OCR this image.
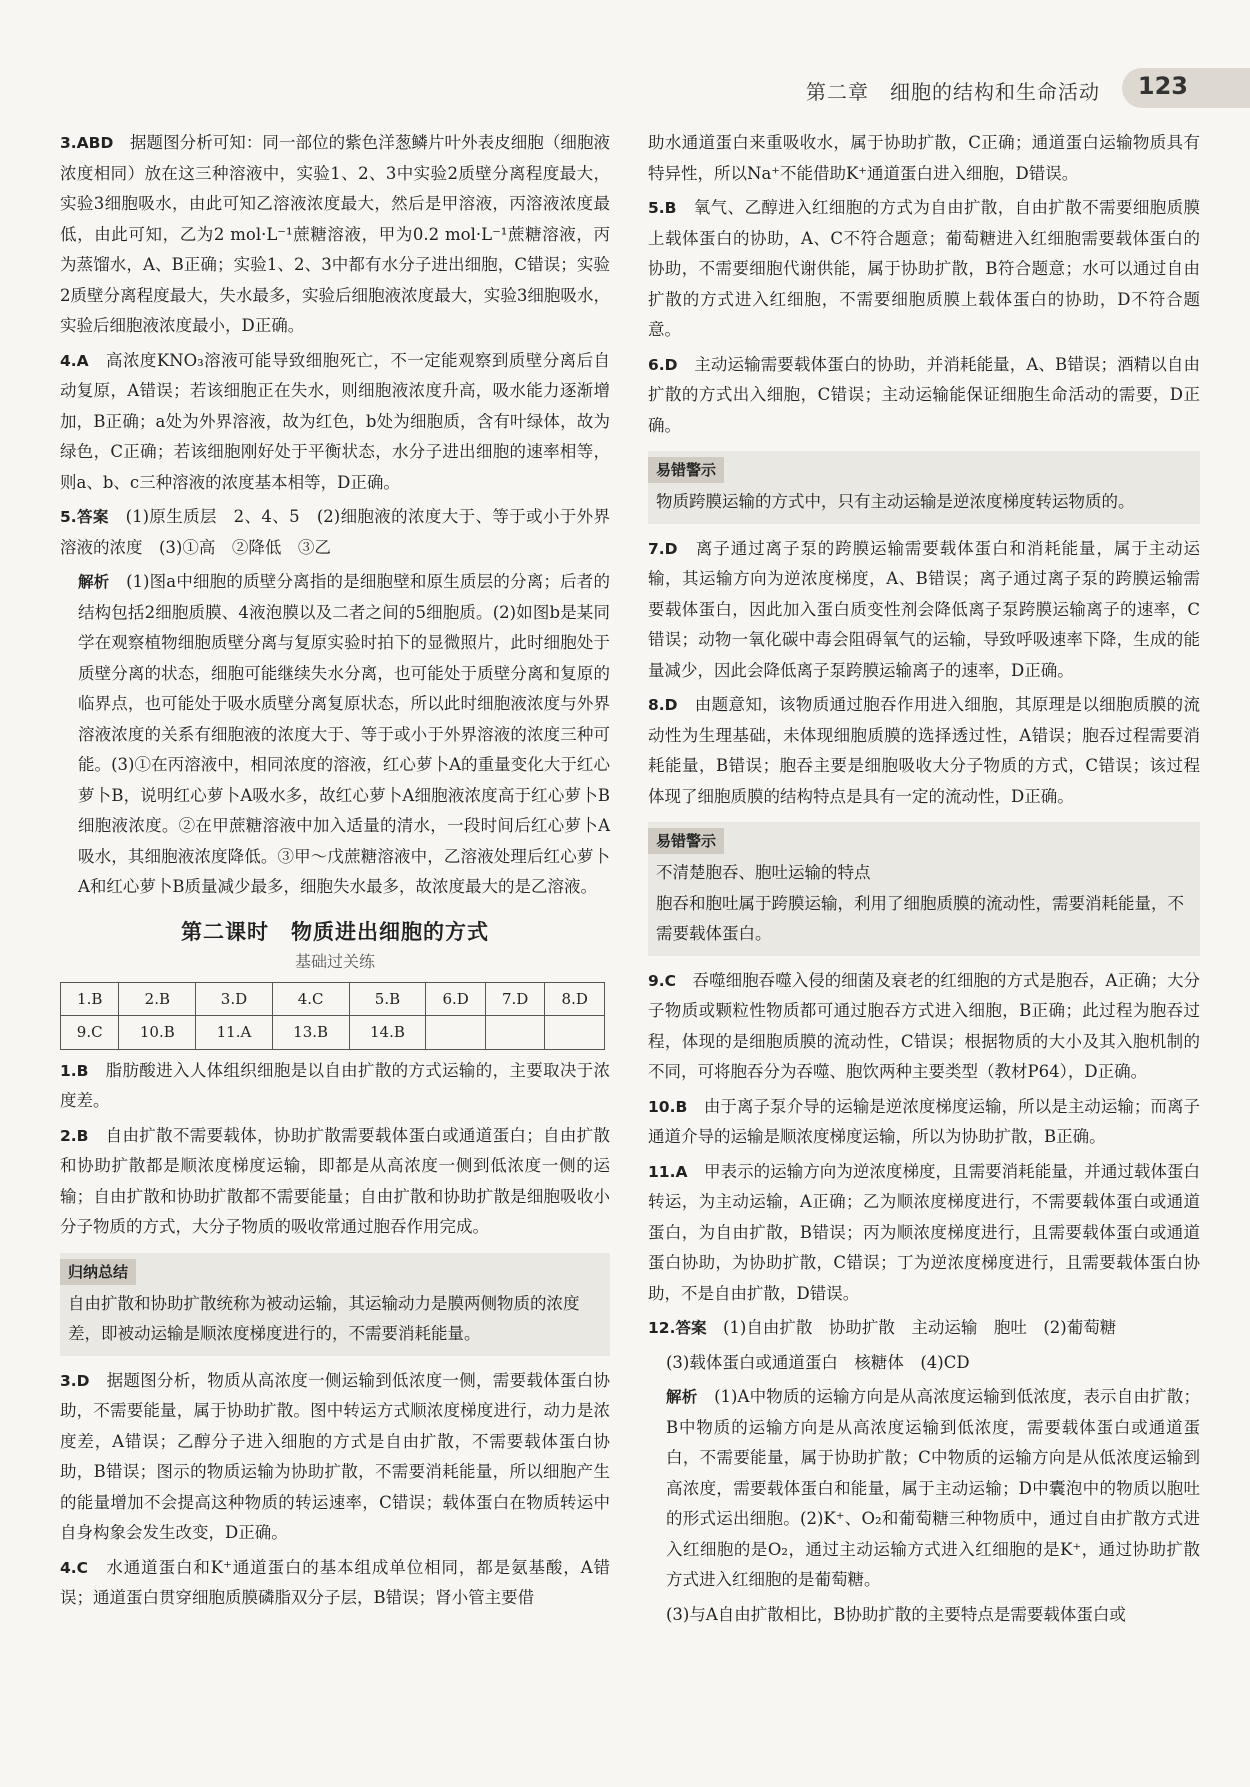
第二章　细胞的结构和生命活动 123

3.ABD　 据题图分析可知：同一部位的紫色洋葱鳞片叶外表皮细胞（细胞液浓度相同）放在这三种溶液中，实验1、2、3中实验2质壁分离程度最大，实验3细胞吸水，由此可知乙溶液浓度最大，然后是甲溶液，丙溶液浓度最低，由此可知，乙为2 mol·L⁻¹蔗糖溶液，甲为0.2 mol·L⁻¹蔗糖溶液，丙为蒸馏水，A、B正确；实验1、2、3中都有水分子进出细胞，C错误；实验2质壁分离程度最大，失水最多，实验后细胞液浓度最大，实验3细胞吸水，实验后细胞液浓度最小，D正确。

4.A　 高浓度KNO₃溶液可能导致细胞死亡，不一定能观察到质壁分离后自动复原，A错误；若该细胞正在失水，则细胞液浓度升高，吸水能力逐渐增加，B正确；a处为外界溶液，故为红色，b处为细胞质，含有叶绿体，故为绿色，C正确；若该细胞刚好处于平衡状态，水分子进出细胞的速率相等，则a、b、c三种溶液的浓度基本相等，D正确。

5.答案　 (1)原生质层　2、4、5　(2)细胞液的浓度大于、等于或小于外界溶液的浓度　(3)①高　②降低　③乙

解析　 (1)图a中细胞的质壁分离指的是细胞壁和原生质层的分离；后者的结构包括2细胞质膜、4液泡膜以及二者之间的5细胞质。(2)如图b是某同学在观察植物细胞质壁分离与复原实验时拍下的显微照片，此时细胞处于质壁分离的状态，细胞可能继续失水分离，也可能处于质壁分离和复原的临界点，也可能处于吸水质壁分离复原状态，所以此时细胞液浓度与外界溶液浓度的关系有细胞液的浓度大于、等于或小于外界溶液的浓度三种可能。(3)①在丙溶液中，相同浓度的溶液，红心萝卜A的重量变化大于红心萝卜B，说明红心萝卜A吸水多，故红心萝卜A细胞液浓度高于红心萝卜B细胞液浓度。②在甲蔗糖溶液中加入适量的清水，一段时间后红心萝卜A吸水，其细胞液浓度降低。③甲～戊蔗糖溶液中，乙溶液处理后红心萝卜A和红心萝卜B质量减少最多，细胞失水最多，故浓度最大的是乙溶液。

第二课时　物质进出细胞的方式
基础过关练
1.B	2.B	3.D	4.C	5.B	6.D	7.D	8.D
9.C	10.B	11.A	13.B	14.B			

1.B　 脂肪酸进入人体组织细胞是以自由扩散的方式运输的，主要取决于浓度差。

2.B　 自由扩散不需要载体，协助扩散需要载体蛋白或通道蛋白；自由扩散和协助扩散都是顺浓度梯度运输，即都是从高浓度一侧到低浓度一侧的运输；自由扩散和协助扩散都不需要能量；自由扩散和协助扩散是细胞吸收小分子物质的方式，大分子物质的吸收常通过胞吞作用完成。

归纳总结
自由扩散和协助扩散统称为被动运输，其运输动力是膜两侧物质的浓度差，即被动运输是顺浓度梯度进行的，不需要消耗能量。

3.D　 据题图分析，物质从高浓度一侧运输到低浓度一侧，需要载体蛋白协助，不需要能量，属于协助扩散。图中转运方式顺浓度梯度进行，动力是浓度差，A错误；乙醇分子进入细胞的方式是自由扩散，不需要载体蛋白协助，B错误；图示的物质运输为协助扩散，不需要消耗能量，所以细胞产生的能量增加不会提高这种物质的转运速率，C错误；载体蛋白在物质转运中自身构象会发生改变，D正确。

4.C　 水通道蛋白和K⁺通道蛋白的基本组成单位相同，都是氨基酸，A错误；通道蛋白贯穿细胞质膜磷脂双分子层，B错误；肾小管主要借

助水通道蛋白来重吸收水，属于协助扩散，C正确；通道蛋白运输物质具有特异性，所以Na⁺不能借助K⁺通道蛋白进入细胞，D错误。

5.B　 氧气、乙醇进入红细胞的方式为自由扩散，自由扩散不需要细胞质膜上载体蛋白的协助，A、C不符合题意；葡萄糖进入红细胞需要载体蛋白的协助，不需要细胞代谢供能，属于协助扩散，B符合题意；水可以通过自由扩散的方式进入红细胞，不需要细胞质膜上载体蛋白的协助，D不符合题意。

6.D　 主动运输需要载体蛋白的协助，并消耗能量，A、B错误；酒精以自由扩散的方式出入细胞，C错误；主动运输能保证细胞生命活动的需要，D正确。

易错警示
物质跨膜运输的方式中，只有主动运输是逆浓度梯度转运物质的。

7.D　 离子通过离子泵的跨膜运输需要载体蛋白和消耗能量，属于主动运输，其运输方向为逆浓度梯度，A、B错误；离子通过离子泵的跨膜运输需要载体蛋白，因此加入蛋白质变性剂会降低离子泵跨膜运输离子的速率，C错误；动物一氧化碳中毒会阻碍氧气的运输，导致呼吸速率下降，生成的能量减少，因此会降低离子泵跨膜运输离子的速率，D正确。

8.D　 由题意知，该物质通过胞吞作用进入细胞，其原理是以细胞质膜的流动性为生理基础，未体现细胞质膜的选择透过性，A错误；胞吞过程需要消耗能量，B错误；胞吞主要是细胞吸收大分子物质的方式，C错误；该过程体现了细胞质膜的结构特点是具有一定的流动性，D正确。

易错警示
不清楚胞吞、胞吐运输的特点
胞吞和胞吐属于跨膜运输，利用了细胞质膜的流动性，需要消耗能量，不需要载体蛋白。

9.C　 吞噬细胞吞噬入侵的细菌及衰老的红细胞的方式是胞吞，A正确；大分子物质或颗粒性物质都可通过胞吞方式进入细胞，B正确；此过程为胞吞过程，体现的是细胞质膜的流动性，C错误；根据物质的大小及其入胞机制的不同，可将胞吞分为吞噬、胞饮两种主要类型（教材P64），D正确。

10.B　 由于离子泵介导的运输是逆浓度梯度运输，所以是主动运输；而离子通道介导的运输是顺浓度梯度运输，所以为协助扩散，B正确。

11.A　 甲表示的运输方向为逆浓度梯度，且需要消耗能量，并通过载体蛋白转运，为主动运输，A正确；乙为顺浓度梯度进行，不需要载体蛋白或通道蛋白，为自由扩散，B错误；丙为顺浓度梯度进行，且需要载体蛋白或通道蛋白协助，为协助扩散，C错误；丁为逆浓度梯度进行，且需要载体蛋白协助，不是自由扩散，D错误。

12.答案　 (1)自由扩散　协助扩散　主动运输　胞吐　(2)葡萄糖

(3)载体蛋白或通道蛋白　核糖体　(4)CD

解析　 (1)A中物质的运输方向是从高浓度运输到低浓度，表示自由扩散；B中物质的运输方向是从高浓度运输到低浓度，需要载体蛋白或通道蛋白，不需要能量，属于协助扩散；C中物质的运输方向是从低浓度运输到高浓度，需要载体蛋白和能量，属于主动运输；D中囊泡中的物质以胞吐的形式运出细胞。(2)K⁺、O₂和葡萄糖三种物质中，通过自由扩散方式进入红细胞的是O₂，通过主动运输方式进入红细胞的是K⁺，通过协助扩散方式进入红细胞的是葡萄糖。

(3)与A自由扩散相比，B协助扩散的主要特点是需要载体蛋白或
